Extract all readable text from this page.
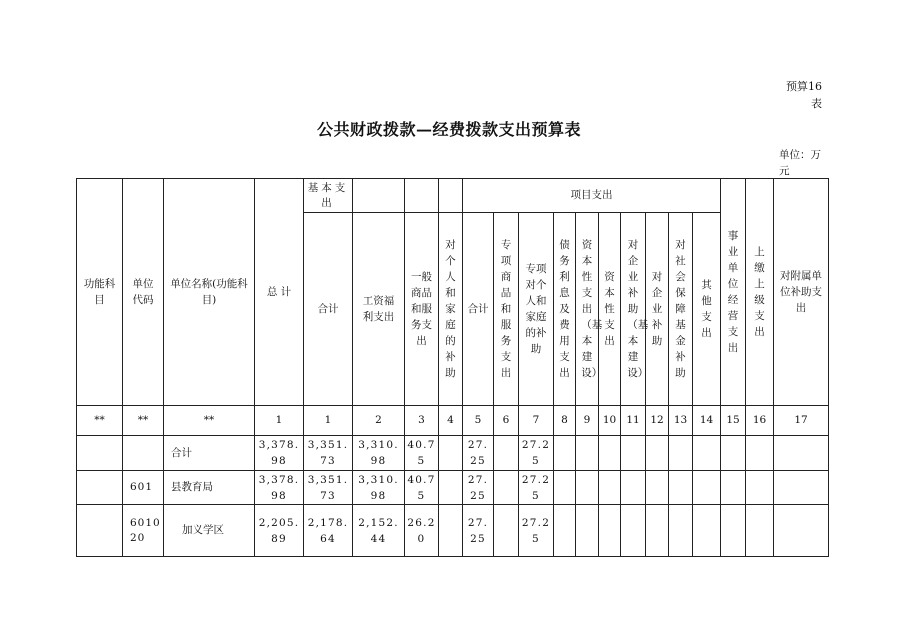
预算16表
公共财政拨款—经费拨款支出预算表
单位：万元
功能科目	单位代码	单位名称(功能科目)	总 计	基本支出				项目支出										事业单位经营支出	上缴上级支出	对附属单位补助支出
				合计	工资福利支出	一般商品和服务支出	对个人和家庭的补助	合计	专项商品和服务支出	专项对个人和家庭的补助	债务利息及费用支出	资本性支出（基本建设）	资本性支出	对企业补助（基本建设）	对企业补助	对社会保障基金补助	其他支出			
**	**	**	1	1	2	3	4	5	6	7	8	9	10	11	12	13	14	15	16	17
		合计	3,378.98	3,351.73	3,310.98	40.75		27.25		27.25										
	601	县教育局	3,378.98	3,351.73	3,310.98	40.75		27.25		27.25										
	601020	加义学区	2,205.89	2,178.64	2,152.44	26.20		27.25		27.25										
